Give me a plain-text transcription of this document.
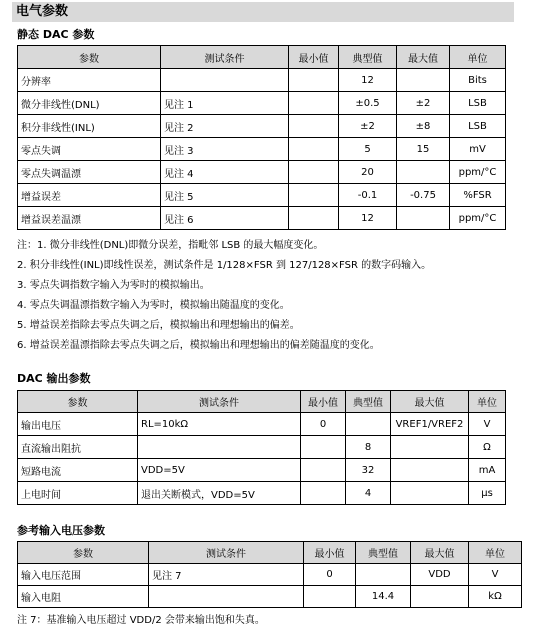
电气参数
静态 DAC 参数
参数	测试条件	最小值	典型值	最大值	单位
分辨率			12		Bits
微分非线性(DNL)	见注 1		±0.5	±2	LSB
积分非线性(INL)	见注 2		±2	±8	LSB
零点失调	见注 3		5	15	mV
零点失调温漂	见注 4		20		ppm/°C
增益误差	见注 5		-0.1	-0.75	%FSR
增益误差温漂	见注 6		12		ppm/°C
注：1. 微分非线性(DNL)即微分误差，指毗邻 LSB 的最大幅度变化。
2. 积分非线性(INL)即线性误差，测试条件是 1/128×FSR 到 127/128×FSR 的数字码输入。
3. 零点失调指数字输入为零时的模拟输出。
4. 零点失调温漂指数字输入为零时，模拟输出随温度的变化。
5. 增益误差指除去零点失调之后，模拟输出和理想输出的偏差。
6. 增益误差温漂指除去零点失调之后，模拟输出和理想输出的偏差随温度的变化。
DAC 输出参数
参数	测试条件	最小值	典型值	最大值	单位
输出电压	RL=10kΩ	0		VREF1/VREF2	V
直流输出阻抗			8		Ω
短路电流	VDD=5V		32		mA
上电时间	退出关断模式，VDD=5V		4		μs
参考输入电压参数
参数	测试条件	最小值	典型值	最大值	单位
输入电压范围	见注 7	0		VDD	V
输入电阻			14.4		kΩ
注 7：基准输入电压超过 VDD/2 会带来输出饱和失真。
